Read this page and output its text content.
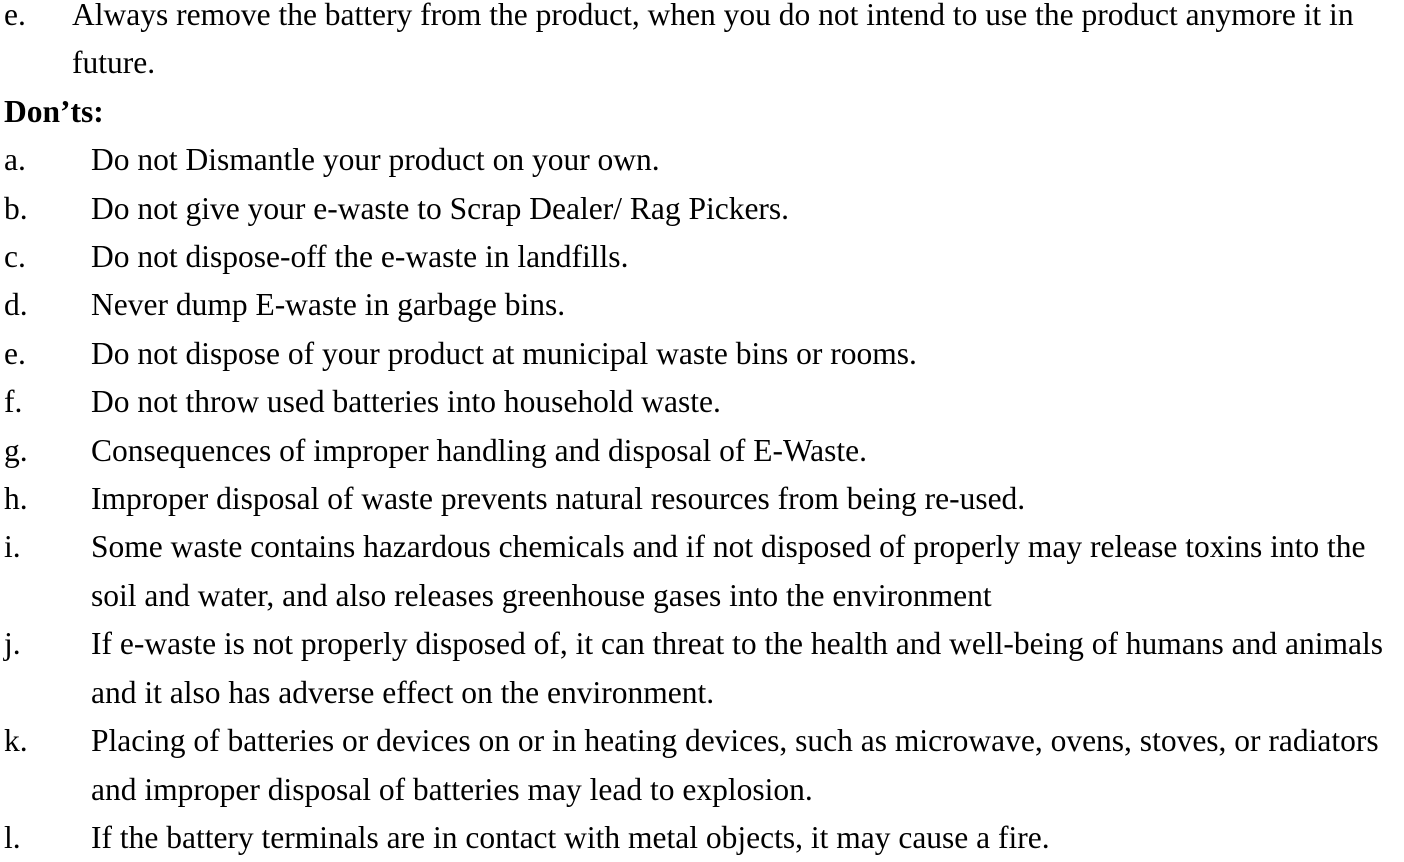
e.	Always remove the battery from the product, when you do not intend to use the product anymore it in future.

Don’ts:

a.	Do not Dismantle your product on your own.
b.	Do not give your e-waste to Scrap Dealer/ Rag Pickers.
c.	Do not dispose-off the e-waste in landfills.
d.	Never dump E-waste in garbage bins.
e.	Do not dispose of your product at municipal waste bins or rooms.
f.	Do not throw used batteries into household waste.
g.	Consequences of improper handling and disposal of E-Waste.
h.	Improper disposal of waste prevents natural resources from being re-used.
i.	Some waste contains hazardous chemicals and if not disposed of properly may release toxins into the soil and water, and also releases greenhouse gases into the environment
j.	If e-waste is not properly disposed of, it can threat to the health and well-being of humans and animals and it also has adverse effect on the environment.
k.	Placing of batteries or devices on or in heating devices, such as microwave, ovens, stoves, or radiators and improper disposal of batteries may lead to explosion.
l.	If the battery terminals are in contact with metal objects, it may cause a fire.
